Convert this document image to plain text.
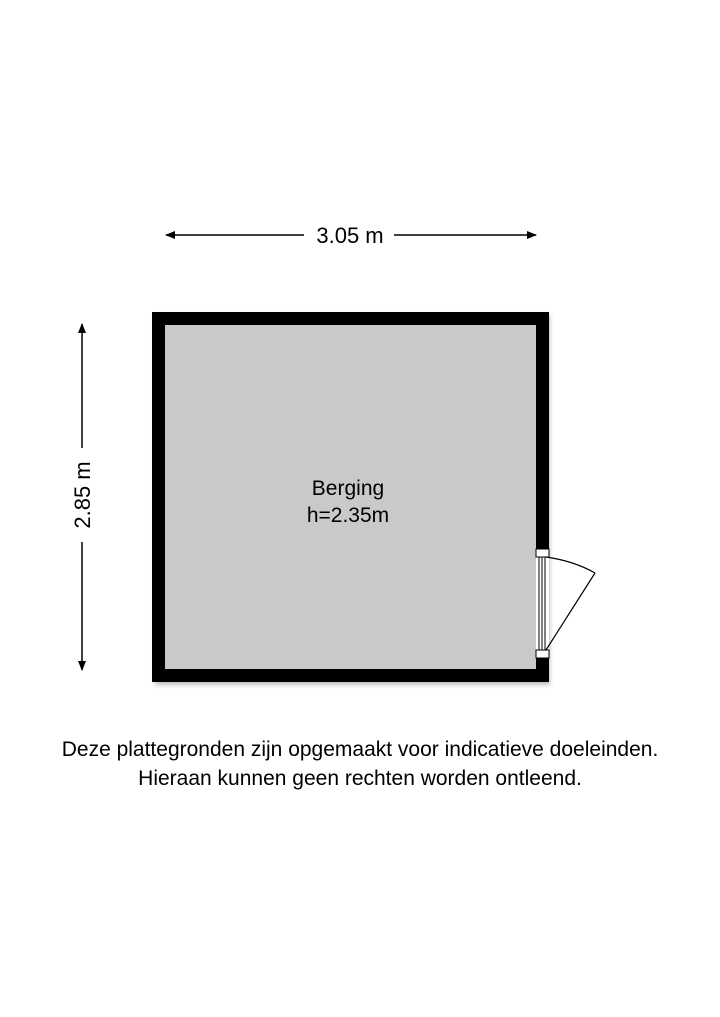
3.05 m
2.85 m	Berging
h=2.35m
Deze plattegronden zijn opgemaakt voor indicatieve doeleinden.
Hieraan kunnen geen rechten worden ontleend.
